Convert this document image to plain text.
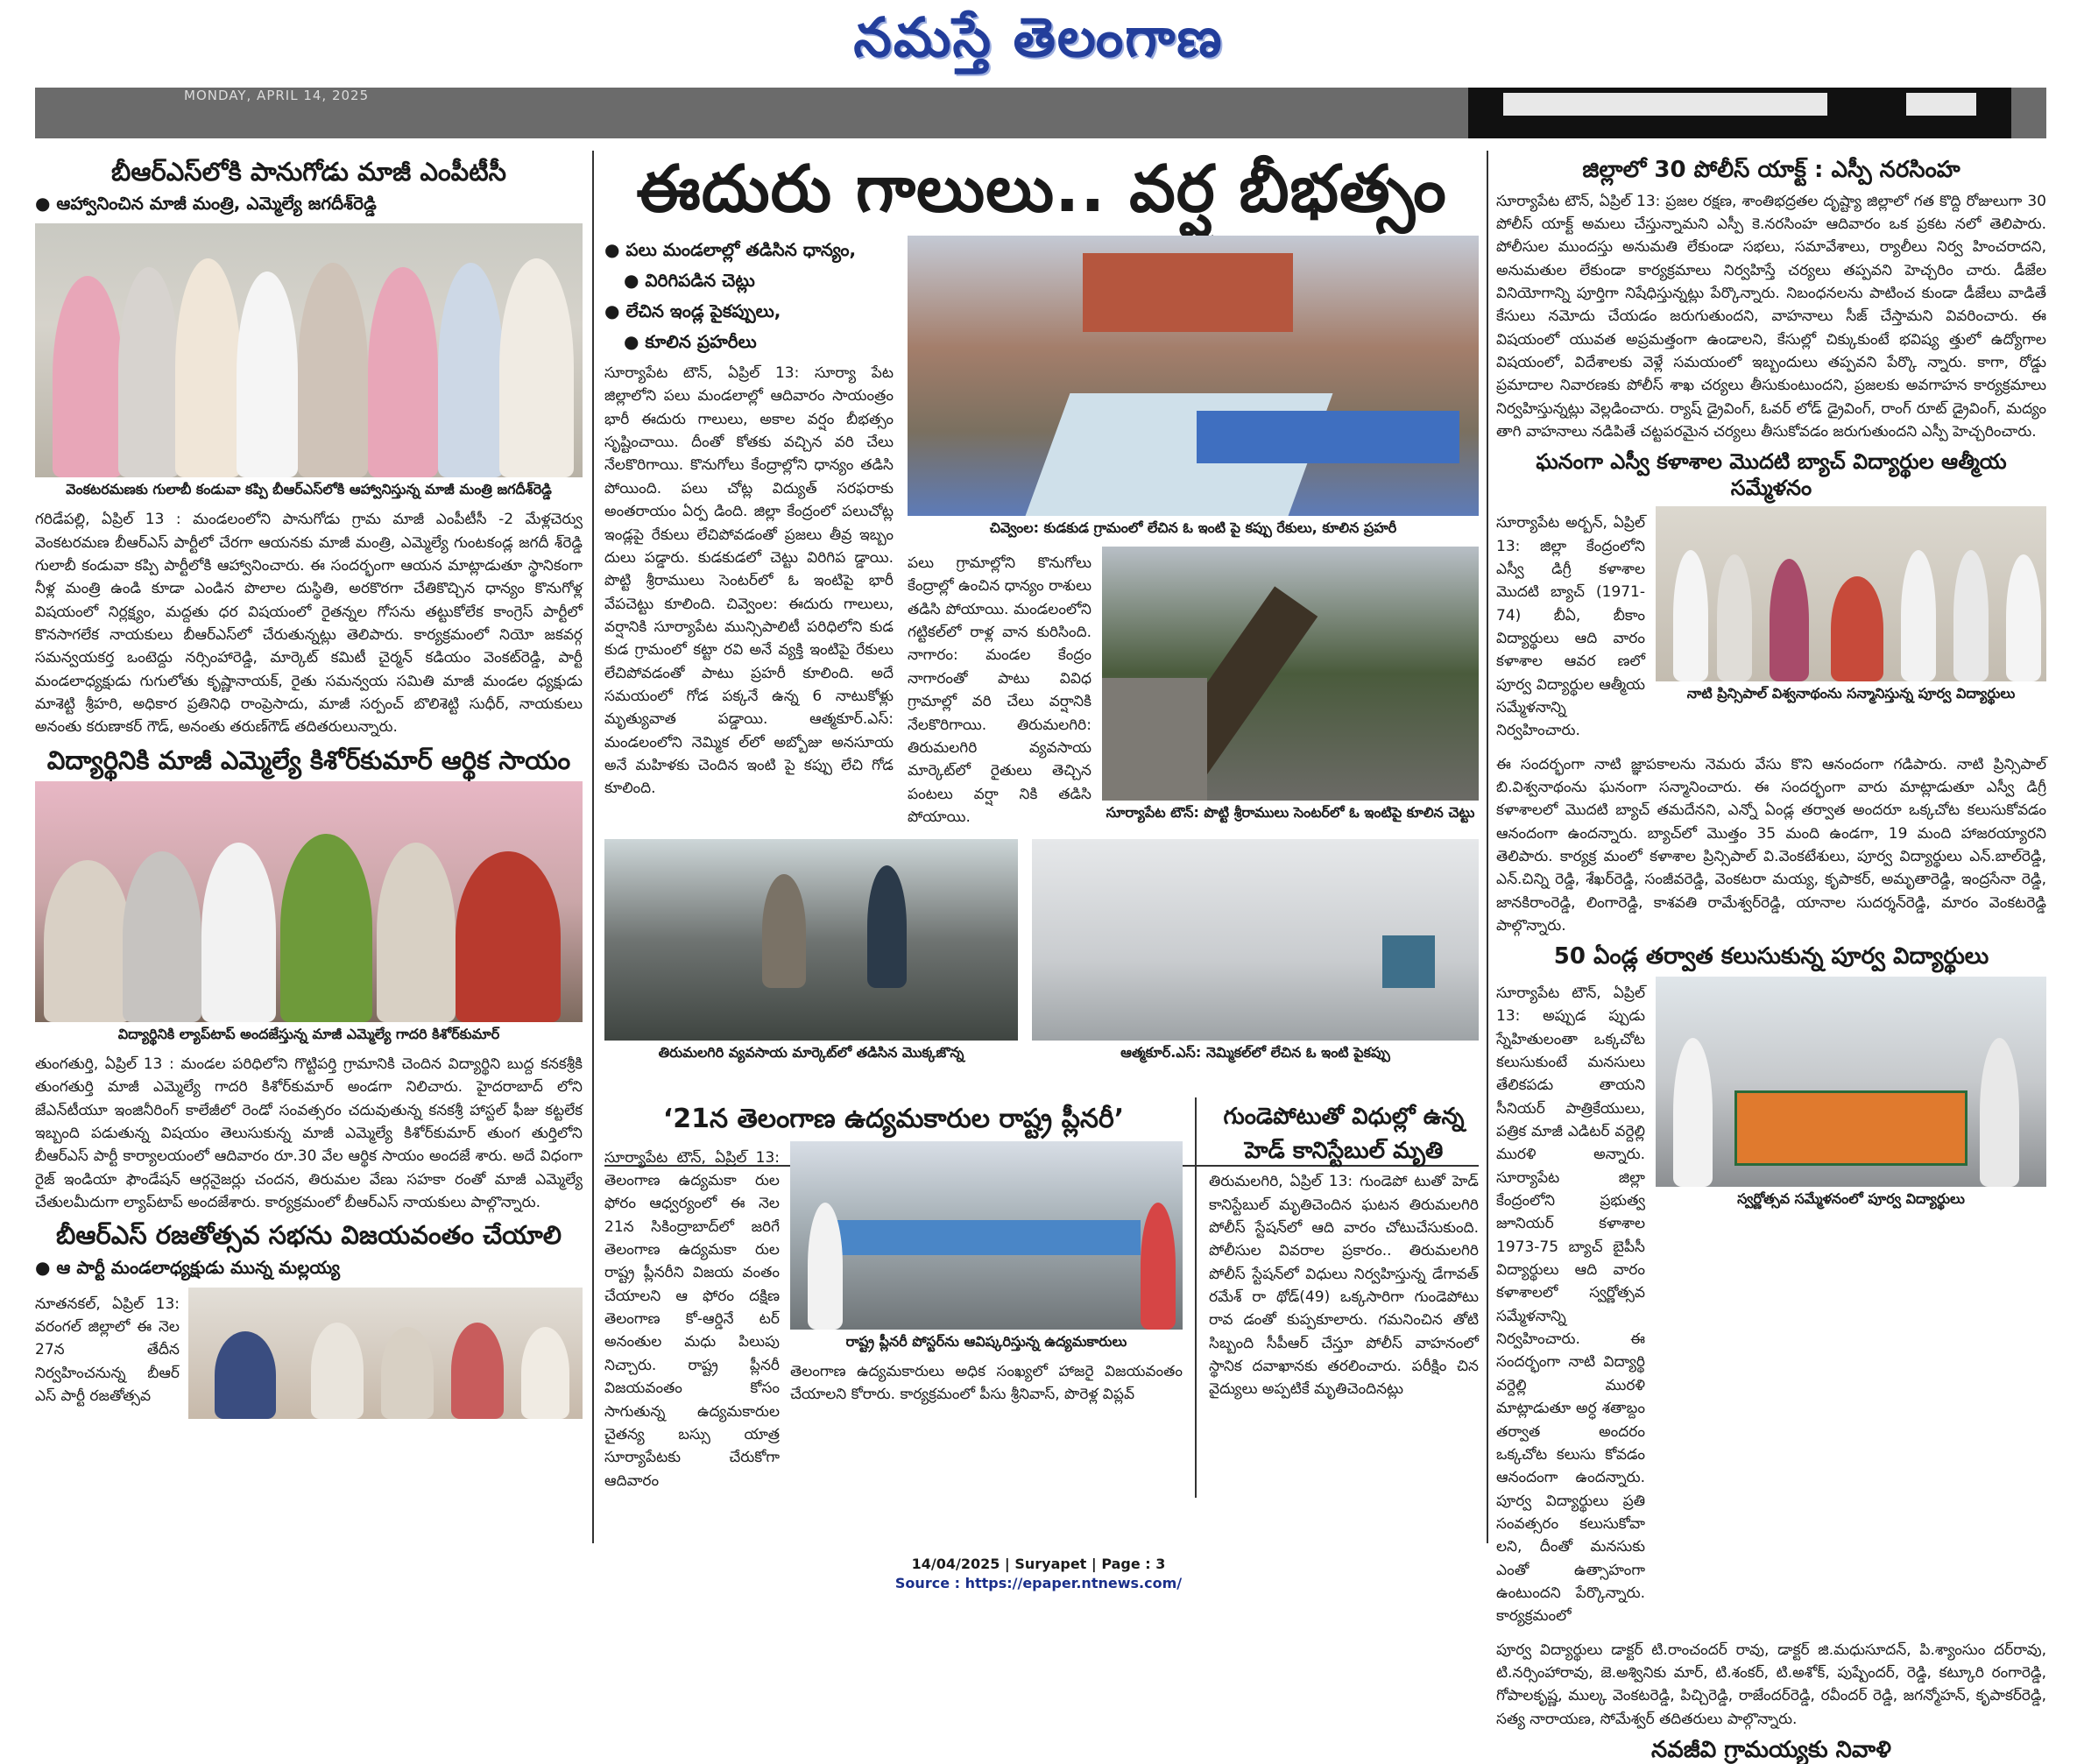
నమస్తే తెలంగాణ
MONDAY, APRIL 14, 2025
బీఆర్‌ఎస్‌లోకి పానుగోడు మాజీ ఎంపీటీసీ
● ఆహ్వానించిన మాజీ మంత్రి, ఎమ్మెల్యే జగదీశ్‌రెడ్డి
వెంకటరమణకు గులాబీ కండువా కప్పి బీఆర్‌ఎస్‌లోకి ఆహ్వానిస్తున్న మాజీ మంత్రి జగదీశ్‌రెడ్డి
గరిడేపల్లి, ఏప్రిల్ 13 : మండలంలోని పానుగోడు గ్రామ మాజీ ఎంపీటీసీ -2 మేళ్లచెర్వు వెంకటరమణ బీఆర్‌ఎస్ పార్టీలో చేరగా ఆయనకు మాజీ మంత్రి, ఎమ్మెల్యే గుంటకండ్ల జగదీ శ్‌రెడ్డి గులాబీ కండువా కప్పి పార్టీలోకి ఆహ్వానించారు. ఈ సందర్భంగా ఆయన మాట్లాడుతూ స్థానికంగా నీళ్ల మంత్రి ఉండి కూడా ఎండిన పొలాల దుస్థితి, అరకొరగా చేతికొచ్చిన ధాన్యం కొనుగోళ్ల విషయంలో నిర్లక్ష్యం, మద్దతు ధర విషయంలో రైతన్నల గోసను తట్టుకోలేక కాంగ్రెస్ పార్టీలో కొనసాగలేక నాయకులు బీఆర్‌ఎస్‌లో చేరుతున్నట్లు తెలిపారు. కార్యక్రమంలో నియో జకవర్గ సమన్వయకర్త ఒంటెద్దు నర్సింహారెడ్డి, మార్కెట్ కమిటీ చైర్మన్ కడియం వెంకట్‌రెడ్డి, పార్టీ మండలాధ్యక్షుడు గుగులోతు కృష్ణానాయక్, రైతు సమన్వయ సమితి మాజీ మండల ధ్యక్షుడు మాశెట్టి శ్రీహరి, అధికార ప్రతినిధి రాంప్రెసాదు, మాజీ సర్పంచ్ బొలిశెట్టి సుధీర్, నాయకులు అనంతు కరుణాకర్ గౌడ్, అనంతు తరుణ్‌గౌడ్ తదితరులున్నారు.
విద్యార్థినికి మాజీ ఎమ్మెల్యే కిశోర్‌కుమార్ ఆర్థిక సాయం
విద్యార్థినికి ల్యాప్‌టాప్ అందజేస్తున్న మాజీ ఎమ్మెల్యే గాదరి కిశోర్‌కుమార్
తుంగతుర్తి, ఏప్రిల్ 13 : మండల పరిధిలోని గొట్టిపర్తి గ్రామానికి చెందిన విద్యార్థిని బుద్ద కనకశ్రీకి తుంగతుర్తి మాజీ ఎమ్మెల్యే గాదరి కిశోర్‌కుమార్ అండగా నిలిచారు. హైదరాబాద్ లోని జేఎన్‌టీయూ ఇంజినీరింగ్ కాలేజీలో రెండో సంవత్సరం చదువుతున్న కనకశ్రీ హాస్టల్ ఫీజు కట్టలేక ఇబ్బంది పడుతున్న విషయం తెలుసుకున్న మాజీ ఎమ్మెల్యే కిశోర్‌కుమార్ తుంగ తుర్తిలోని బీఆర్‌ఎస్ పార్టీ కార్యాలయంలో ఆదివారం రూ.30 వేల ఆర్థిక సాయం అందజే శారు. అదే విధంగా రైజ్ ఇండియా ఫౌండేషన్ ఆర్గనైజర్లు చందన, తిరుమల వేణు సహకా రంతో మాజీ ఎమ్మెల్యే చేతులమీదుగా ల్యాప్‌టాప్ అందజేశారు. కార్యక్రమంలో బీఆర్‌ఎస్ నాయకులు పాల్గొన్నారు.
బీఆర్‌ఎస్ రజతోత్సవ సభను విజయవంతం చేయాలి
● ఆ పార్టీ మండలాధ్యక్షుడు మున్న మల్లయ్య
నూతనకల్, ఏప్రిల్ 13: వరంగల్ జిల్లాలో ఈ నెల 27న తేదీన నిర్వహించనున్న బీఆర్ ఎస్ పార్టీ రజతోత్సవ
ఈదురు గాలులు.. వర్ష బీభత్సం
● పలు మండలాల్లో తడిసిన ధాన్యం,
● విరిగిపడిన చెట్లు
● లేచిన ఇండ్ల పైకప్పులు,
● కూలిన ప్రహరీలు
సూర్యాపేట టౌన్, ఏప్రిల్ 13: సూర్యా పేట జిల్లాలోని పలు మండలాల్లో ఆదివారం సాయంత్రం భారీ ఈదురు గాలులు, అకాల వర్షం బీభత్సం సృష్టించాయి. దీంతో కోతకు వచ్చిన వరి చేలు నేలకొరిగాయి. కొనుగోలు కేంద్రాల్లోని ధాన్యం తడిసి పోయింది. పలు చోట్ల విద్యుత్ సరఫరాకు అంతరాయం ఏర్ప డింది. జిల్లా కేంద్రంలో పలుచోట్ల ఇండ్లపై రేకులు లేచిపోవడంతో ప్రజలు తీవ్ర ఇబ్బం దులు పడ్డారు. కుడకుడలో చెట్టు విరిగిప డ్డాయి. పొట్టి శ్రీరాములు సెంటర్‌లో ఓ ఇంటిపై భారీ వేపచెట్టు కూలింది. చివ్వెంల: ఈదురు గాలులు, వర్షానికి సూర్యాపేట మున్సిపాలిటీ పరిధిలోని కుడ కుడ గ్రామంలో కట్టా రవి అనే వ్యక్తి ఇంటిపై రేకులు లేచిపోవడంతో పాటు ప్రహరీ కూలింది. అదే సమయంలో గోడ పక్కనే ఉన్న 6 నాటుకోళ్లు మృత్యువాత పడ్డాయి. ఆత్మకూర్.ఎస్: మండలంలోని నెమ్మిక ల్‌లో అబ్బోజు అనసూయ అనే మహిళకు చెందిన ఇంటి పై కప్పు లేచి గోడ కూలింది.
చివ్వెంల: కుడకుడ గ్రామంలో లేచిన ఓ ఇంటి పై కప్పు రేకులు, కూలిన ప్రహరీ
పలు గ్రామాల్లోని కొనుగోలు కేంద్రాల్లో ఉంచిన ధాన్యం రాశులు తడిసి పోయాయి. మండలంలోని గట్టికల్‌లో రాళ్ల వాన కురిసింది. నాగారం: మండల కేంద్రం నాగారంతో పాటు వివిధ గ్రామాల్లో వరి చేలు వర్షానికి నేలకొరిగాయి. తిరుమలగిరి: తిరుమలగిరి వ్యవసాయ మార్కెట్‌లో రైతులు తెచ్చిన పంటలు వర్షా నికి తడిసి పోయాయి.	సూర్యాపేట టౌన్: పొట్టి శ్రీరాములు సెంటర్‌లో ఓ ఇంటిపై కూలిన చెట్టు
తిరుమలగిరి వ్యవసాయ మార్కెట్‌లో తడిసిన మొక్కజొన్న	ఆత్మకూర్.ఎస్: నెమ్మికల్‌లో లేచిన ఓ ఇంటి పైకప్పు
‘21న తెలంగాణ ఉద్యమకారుల రాష్ట్ర ప్లీనరీ’
సూర్యాపేట టౌన్, ఏప్రిల్ 13: తెలంగాణ ఉద్యమకా రుల ఫోరం ఆధ్వర్యంలో ఈ నెల 21న సికింద్రాబాద్‌లో జరిగే తెలంగాణ ఉద్యమకా రుల రాష్ట్ర ప్లీనరీని విజయ వంతం చేయాలని ఆ ఫోరం దక్షిణ తెలంగాణ కో-ఆర్డినే టర్ అనంతుల మధు పిలుపు నిచ్చారు. రాష్ట్ర ప్లీనరీ విజయవంతం కోసం సాగుతున్న ఉద్యమకారుల చైతన్య బస్సు యాత్ర సూర్యాపేటకు చేరుకోగా ఆదివారం
రాష్ట్ర ప్లీనరీ పోస్టర్‌ను ఆవిష్కరిస్తున్న ఉద్యమకారులు
తెలంగాణ ఉద్యమకారులు అధిక సంఖ్యలో హాజరై విజయవంతం చేయాలని కోరారు. కార్యక్రమంలో పీసు శ్రీనివాస్, పొరెళ్ల విప్లవ్
గుండెపోటుతో విధుల్లో ఉన్న
హెడ్ కానిస్టేబుల్ మృతి
తిరుమలగిరి, ఏప్రిల్ 13: గుండెపో టుతో హెడ్ కానిస్టేబుల్ మృతిచెందిన ఘటన తిరుమలగిరి పోలీస్ స్టేషన్‌లో ఆది వారం చోటుచేసుకుంది. పోలీసుల వివరాల ప్రకారం.. తిరుమలగిరి పోలీస్ స్టేషన్‌లో విధులు నిర్వహిస్తున్న డేగావత్ రమేశ్ రా థోడ్(49) ఒక్కసారిగా గుండెపోటు రావ డంతో కుప్పకూలారు. గమనించిన తోటి సిబ్బంది సీపీఆర్ చేస్తూ పోలీస్ వాహనంలో స్థానిక దవాఖానకు తరలించారు. పరీక్షిం చిన వైద్యులు అప్పటికే మృతిచెందినట్లు
జిల్లాలో 30 పోలీస్ యాక్ట్ : ఎస్పీ నరసింహ
సూర్యాపేట టౌన్, ఏప్రిల్ 13: ప్రజల రక్షణ, శాంతిభద్రతల దృష్ట్యా జిల్లాలో గత కొద్ది రోజులుగా 30 పోలీస్ యాక్ట్ అమలు చేస్తున్నామని ఎస్పీ కె.నరసింహ ఆదివారం ఒక ప్రకట నలో తెలిపారు. పోలీసుల ముందస్తు అనుమతి లేకుండా సభలు, సమావేశాలు, ర్యాలీలు నిర్వ హించరాదని, అనుమతుల లేకుండా కార్యక్రమాలు నిర్వహిస్తే చర్యలు తప్పవని హెచ్చరిం చారు. డీజేల వినియోగాన్ని పూర్తిగా నిషేధిస్తున్నట్లు పేర్కొన్నారు. నిబంధనలను పాటించ కుండా డీజేలు వాడితే కేసులు నమోదు చేయడం జరుగుతుందని, వాహనాలు సీజ్ చేస్తామని వివరించారు. ఈ విషయంలో యువత అప్రమత్తంగా ఉండాలని, కేసుల్లో చిక్కుకుంటే భవిష్య త్తులో ఉద్యోగాల విషయంలో, విదేశాలకు వెళ్లే సమయంలో ఇబ్బందులు తప్పవని పేర్కొ న్నారు. కాగా, రోడ్డు ప్రమాదాల నివారణకు పోలీస్ శాఖ చర్యలు తీసుకుంటుందని, ప్రజలకు అవగాహన కార్యక్రమాలు నిర్వహిస్తున్నట్లు వెల్లడించారు. ర్యాష్ డ్రైవింగ్, ఓవర్ లోడ్ డ్రైవింగ్, రాంగ్ రూట్ డ్రైవింగ్, మద్యం తాగి వాహనాలు నడిపితే చట్టపరమైన చర్యలు తీసుకోవడం జరుగుతుందని ఎస్పీ హెచ్చరించారు.
ఘనంగా ఎస్వీ కళాశాల మొదటి బ్యాచ్ విద్యార్థుల ఆత్మీయ సమ్మేళనం
సూర్యాపేట అర్బన్, ఏప్రిల్ 13: జిల్లా కేంద్రంలోని ఎస్వీ డిగ్రీ కళాశాల మొదటి బ్యాచ్ (1971-74) బీఏ, బీకాం విద్యార్థులు ఆది వారం కళాశాల ఆవర ణలో పూర్వ విద్యార్థుల ఆత్మీయ సమ్మేళనాన్ని నిర్వహించారు.
నాటి ప్రిన్సిపాల్ విశ్వనాథంను సన్మానిస్తున్న పూర్వ విద్యార్థులు
ఈ సందర్భంగా నాటి జ్ఞాపకాలను నెమరు వేసు కొని ఆనందంగా గడిపారు. నాటి ప్రిన్సిపాల్ బి.విశ్వనాథంను ఘనంగా సన్మానించారు. ఈ సందర్భంగా వారు మాట్లాడుతూ ఎస్వీ డిగ్రీ కళాశాలలో మొదటి బ్యాచ్ తమదేనని, ఎన్నో ఏండ్ల తర్వాత అందరూ ఒక్కచోట కలుసుకోవడం ఆనందంగా ఉందన్నారు. బ్యాచ్‌లో మొత్తం 35 మంది ఉండగా, 19 మంది హాజరయ్యారని తెలిపారు. కార్యక్ర మంలో కళాశాల ప్రిన్సిపాల్ వి.వెంకటేశులు, పూర్వ విద్యార్థులు ఎన్.బాల్‌రెడ్డి, ఎన్.చిన్ని రెడ్డి, శేఖర్‌రెడ్డి, సంజీవరెడ్డి, వెంకటరా మయ్య, కృపాకర్, అమృతారెడ్డి, ఇంద్రసేనా రెడ్డి, జానకిరాంరెడ్డి, లింగారెడ్డి, కాశవతి రామేశ్వర్‌రెడ్డి, యానాల సుదర్శన్‌రెడ్డి, మారం వెంకటరెడ్డి పాల్గొన్నారు.
50 ఏండ్ల తర్వాత కలుసుకున్న పూర్వ విద్యార్థులు
సూర్యాపేట టౌన్, ఏప్రిల్ 13: అప్పుడ ప్పుడు స్నేహితులంతా ఒక్కచోట కలుసుకుంటే మనసులు తేలికపడు తాయని సీనియర్ పాత్రికేయులు, పత్రిక మాజీ ఎడిటర్ వర్దెల్లి మురళి అన్నారు. సూర్యాపేట జిల్లా కేంద్రంలోని ప్రభుత్వ జూనియర్ కళాశాల 1973-75 బ్యాచ్ బైపీసీ విద్యార్థులు ఆది వారం కళాశాలలో స్వర్ణోత్సవ సమ్మేళనాన్ని నిర్వహించారు. ఈ సందర్భంగా నాటి విద్యార్థి వర్దెల్లి మురళి మాట్లాడుతూ అర్ధ శతాబ్దం తర్వాత అందరం ఒక్కచోట కలుసు కోవడం ఆనందంగా ఉందన్నారు. పూర్వ విద్యార్థులు ప్రతి సంవత్సరం కలుసుకోవా లని, దీంతో మనసుకు ఎంతో ఉత్సాహంగా ఉంటుందని పేర్కొన్నారు. కార్యక్రమంలో
స్వర్ణోత్సవ సమ్మేళనంలో పూర్వ విద్యార్థులు
పూర్వ విద్యార్థులు డాక్టర్ టి.రాంచందర్ రావు, డాక్టర్ జి.మధుసూదన్, పి.శ్యాంసుం దర్‌రావు, టి.నర్సింహారావు, జె.అశ్వినికు మార్, టి.శంకర్, టి.అశోక్, పుష్పేందర్, రెడ్డి, కట్కూరి రంగారెడ్డి, గోపాలకృష్ణ, ముల్క వెంకటరెడ్డి, పిచ్చిరెడ్డి, రాజేందర్‌రెడ్డి, రవీందర్ రెడ్డి, జగన్మోహన్, కృపాకర్‌రెడ్డి, సత్య నారాయణ, సోమేశ్వర్ తదితరులు పాల్గొన్నారు.
నవజీవి గ్రామయ్యకు నివాళి
14/04/2025 | Suryapet | Page : 3
Source : https://epaper.ntnews.com/
